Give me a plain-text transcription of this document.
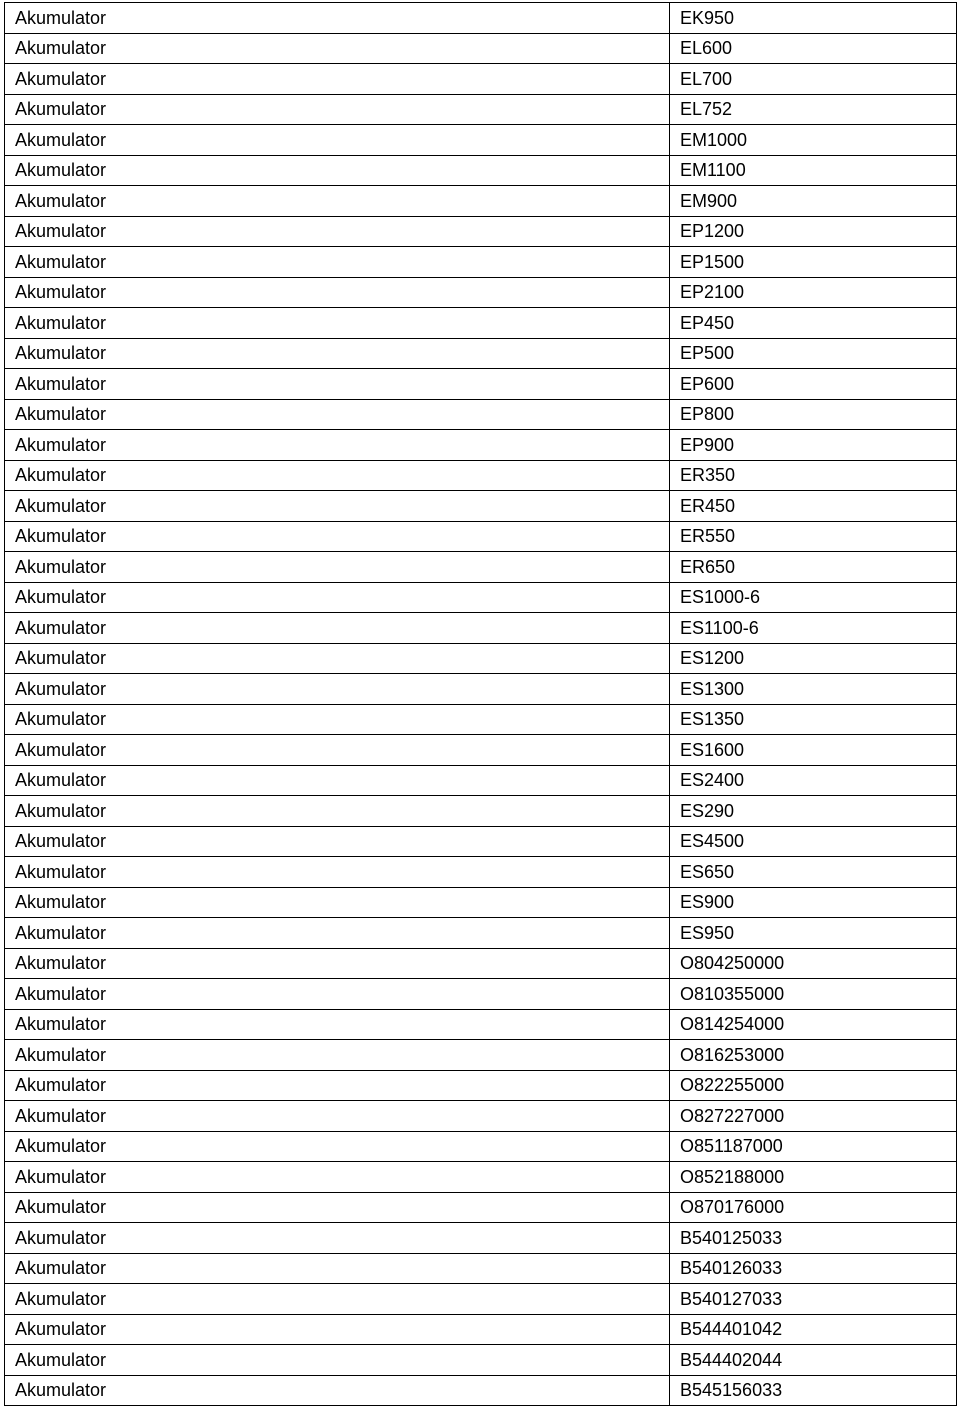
Akumulator	EK950
Akumulator	EL600
Akumulator	EL700
Akumulator	EL752
Akumulator	EM1000
Akumulator	EM1100
Akumulator	EM900
Akumulator	EP1200
Akumulator	EP1500
Akumulator	EP2100
Akumulator	EP450
Akumulator	EP500
Akumulator	EP600
Akumulator	EP800
Akumulator	EP900
Akumulator	ER350
Akumulator	ER450
Akumulator	ER550
Akumulator	ER650
Akumulator	ES1000-6
Akumulator	ES1100-6
Akumulator	ES1200
Akumulator	ES1300
Akumulator	ES1350
Akumulator	ES1600
Akumulator	ES2400
Akumulator	ES290
Akumulator	ES4500
Akumulator	ES650
Akumulator	ES900
Akumulator	ES950
Akumulator	O804250000
Akumulator	O810355000
Akumulator	O814254000
Akumulator	O816253000
Akumulator	O822255000
Akumulator	O827227000
Akumulator	O851187000
Akumulator	O852188000
Akumulator	O870176000
Akumulator	B540125033
Akumulator	B540126033
Akumulator	B540127033
Akumulator	B544401042
Akumulator	B544402044
Akumulator	B545156033
